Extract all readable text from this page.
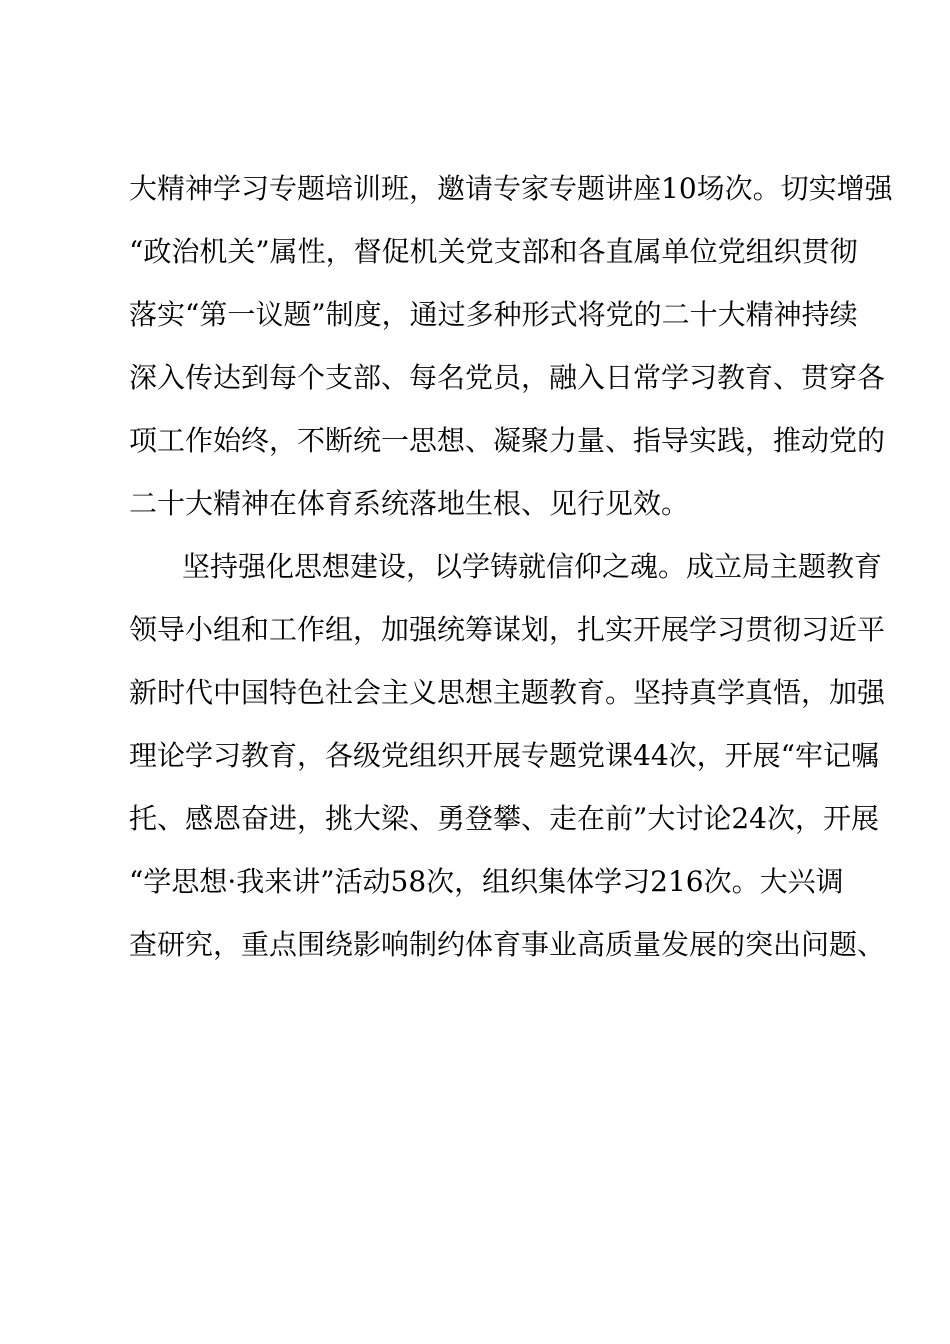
大精神学习专题培训班，邀请专家专题讲座10场次。切实增强
“政治机关”属性，督促机关党支部和各直属单位党组织贯彻
落实“第一议题”制度，通过多种形式将党的二十大精神持续
深入传达到每个支部、每名党员，融入日常学习教育、贯穿各
项工作始终，不断统一思想、凝聚力量、指导实践，推动党的
二十大精神在体育系统落地生根、见行见效。
坚持强化思想建设，以学铸就信仰之魂。成立局主题教育
领导小组和工作组，加强统筹谋划，扎实开展学习贯彻习近平
新时代中国特色社会主义思想主题教育。坚持真学真悟，加强
理论学习教育，各级党组织开展专题党课44次，开展“牢记嘱
托、感恩奋进，挑大梁、勇登攀、走在前”大讨论24次，开展
“学思想·我来讲”活动58次，组织集体学习216次。大兴调
查研究，重点围绕影响制约体育事业高质量发展的突出问题、
